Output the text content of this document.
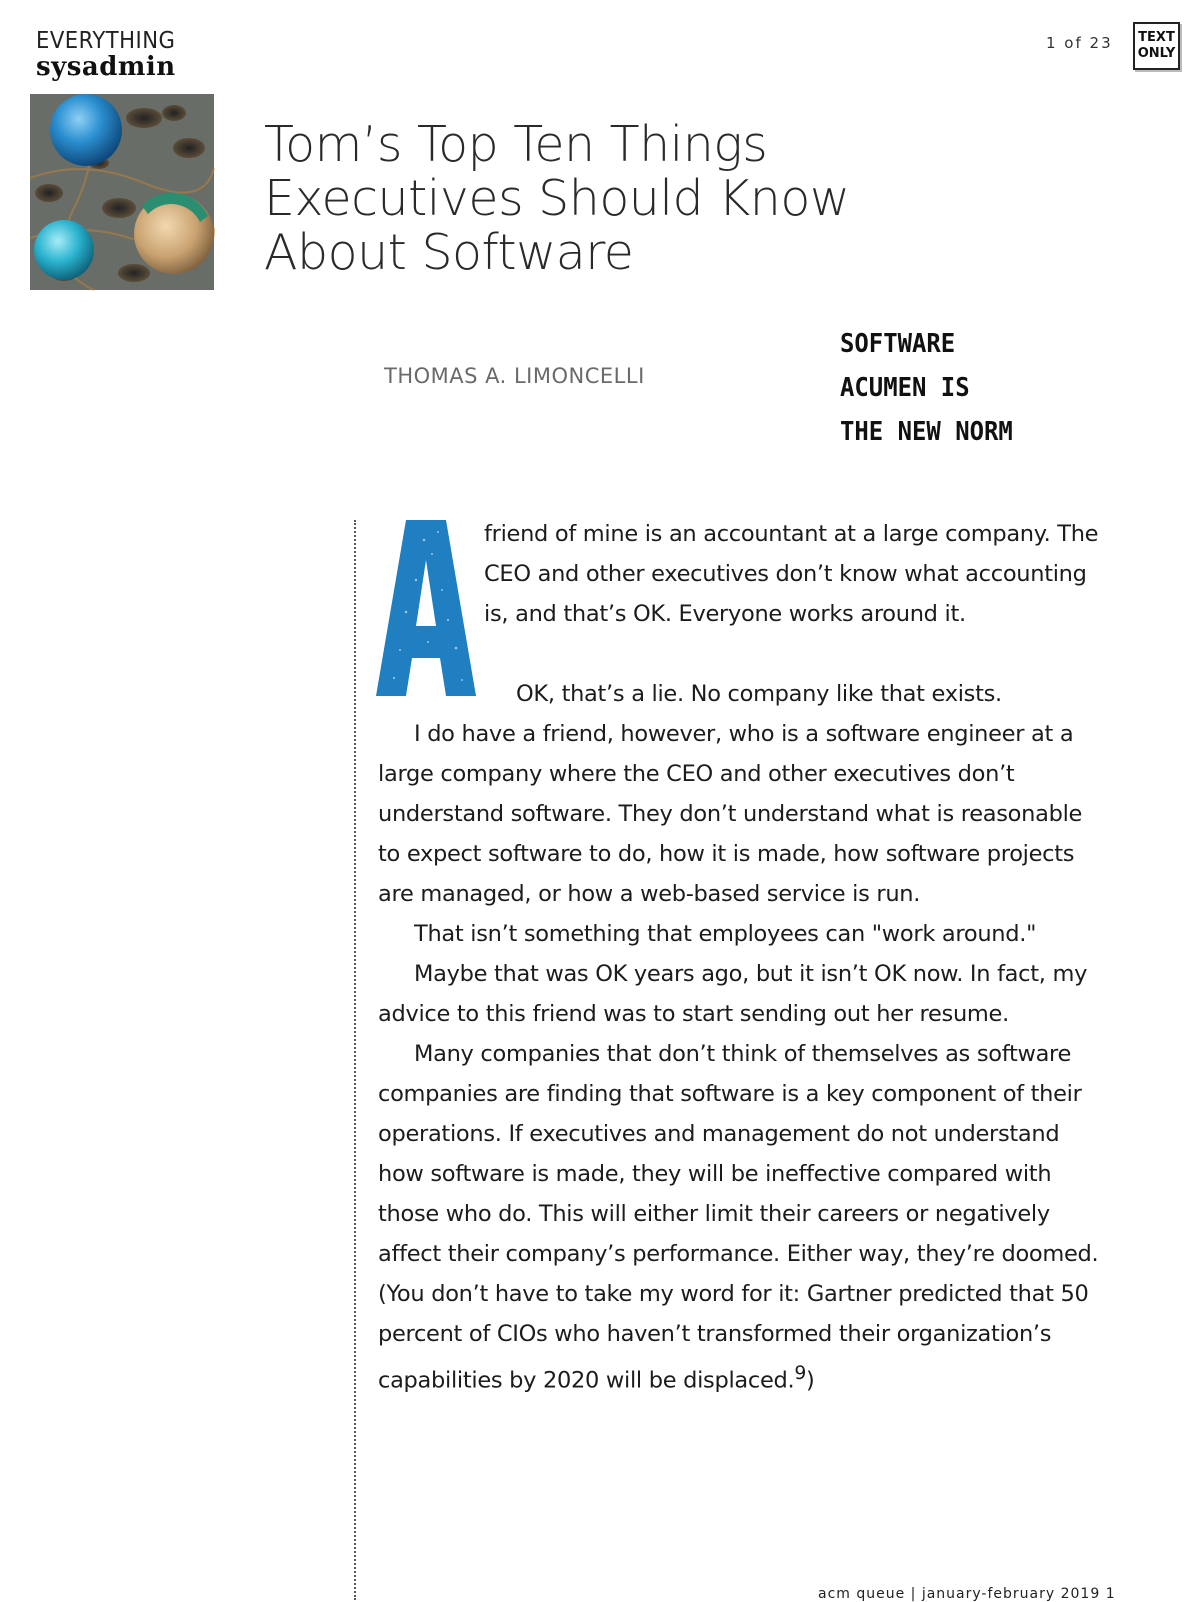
EVERYTHING
sysadmin
1 of 23 TEXT
ONLY
Tom’s Top Ten Things Executives Should Know About Software
THOMAS A. LIMONCELLI
SOFTWARE ACUMEN IS THE NEW NORM

friend of mine is an accountant at a large company. The CEO and other executives don’t know what accounting is, and that’s OK. Everyone works around it.

OK, that’s a lie. No company like that exists.

I do have a friend, however, who is a software engineer at a large company where the CEO and other executives don’t understand software. They don’t understand what is reasonable to expect software to do, how it is made, how software projects are managed, or how a web-based service is run.

That isn’t something that employees can "work around."

Maybe that was OK years ago, but it isn’t OK now. In fact, my advice to this friend was to start sending out her resume.

Many companies that don’t think of themselves as software companies are finding that software is a key component of their operations. If executives and management do not understand how software is made, they will be ineffective compared with those who do. This will either limit their careers or negatively affect their company’s performance. Either way, they’re doomed. (You don’t have to take my word for it: Gartner predicted that 50 percent of CIOs who haven’t transformed their organization’s capabilities by 2020 will be displaced.$^9$)

acm queue | january-february 2019 1
